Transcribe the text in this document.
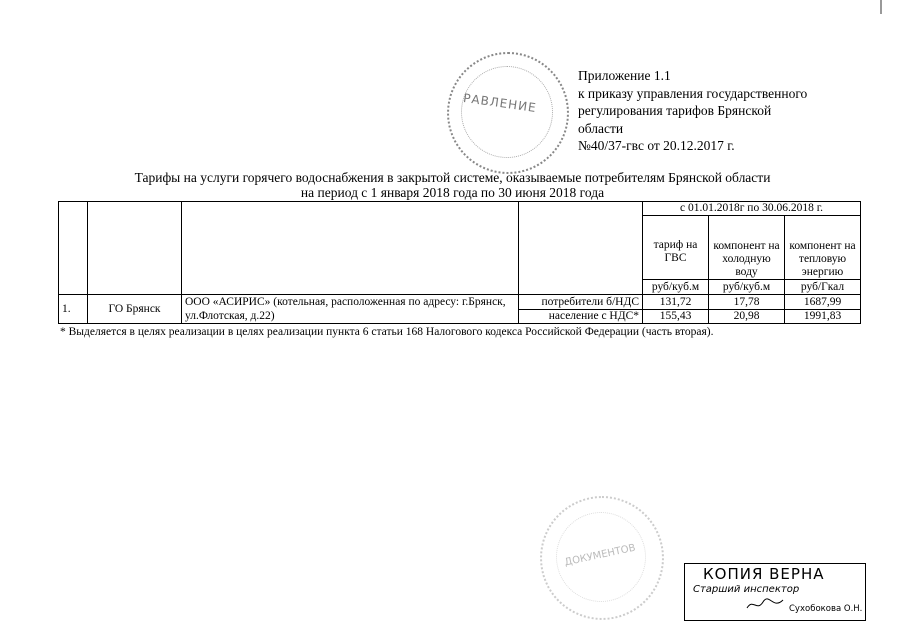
РАВЛЕНИЕ
Приложение 1.1
к приказу управления государственного
регулирования тарифов Брянской
области
№40/37-гвс от 20.12.2017 г.
Тарифы на услуги горячего водоснабжения в закрытой системе, оказываемые потребителям Брянской области
на период с 1 января 2018 года по 30 июня 2018 года
				с 01.01.2018г по 30.06.2018 г.		
				тариф на ГВС	компонент на холодную воду	компонент на тепловую энергию
				руб/куб.м	руб/куб.м	руб/Гкал
1.	ГО Брянск	ООО «АСИРИС» (котельная, расположенная по адресу: г.Брянск, ул.Флотская, д.22)	потребители б/НДС	131,72	17,78	1687,99
			население с НДС*	155,43	20,98	1991,83
* Выделяется в целях реализации в целях реализации пункта 6 статьи 168 Налогового кодекса Российской Федерации (часть вторая).
ДОКУМЕНТОВ
КОПИЯ ВЕРНА
Старший инспектор
Сухобокова О.Н.
